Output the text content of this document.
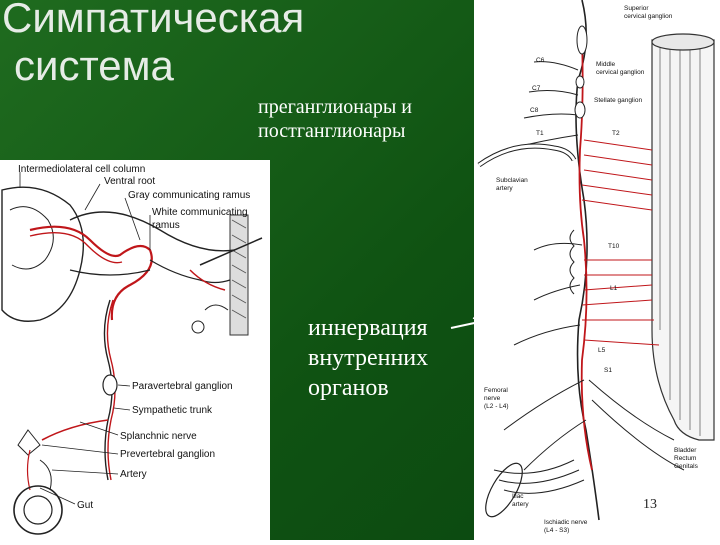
Симпатическая
система
преганглионары и
постганглионары
Intermediolateral cell column
Ventral root
Gray communicating ramus
White communicating
ramus
Paravertebral ganglion
Sympathetic trunk
Splanchnic nerve
Prevertebral ganglion
Artery
Gut
иннервация
внутренних
органов
Superior
cervical ganglion
Middle
cervical ganglion
Stellate ganglion
C6
C7
C8
T1	T2
Subclavian
artery
T10
L1
L5
S1
Femoral
nerve
(L2 - L4)
Iliac
artery
Ischiadic nerve
(L4 - S3)
Bladder
Rectum
Genitals
13
